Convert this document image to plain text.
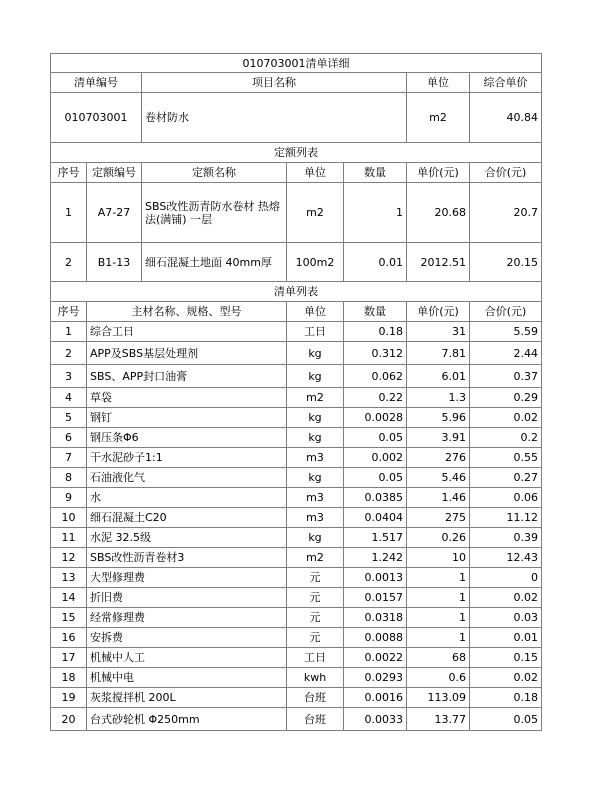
010703001清单详细						
清单编号		项目名称			单位	综合单价
010703001		卷材防水			m2	40.84
定额列表						
序号	定额编号	定额名称	单位	数量	单价(元)	合价(元)
1	A7-27	SBS改性沥青防水卷材 热熔法(满铺) 一层	m2	1	20.68	20.7
2	B1-13	细石混凝土地面 40mm厚	100m2	0.01	2012.51	20.15
清单列表						
序号	主材名称、规格、型号		单位	数量	单价(元)	合价(元)
1	综合工日		工日	0.18	31	5.59
2	APP及SBS基层处理剂		kg	0.312	7.81	2.44
3	SBS、APP封口油膏		kg	0.062	6.01	0.37
4	草袋		m2	0.22	1.3	0.29
5	钢钉		kg	0.0028	5.96	0.02
6	钢压条Φ6		kg	0.05	3.91	0.2
7	干水泥砂子1:1		m3	0.002	276	0.55
8	石油液化气		kg	0.05	5.46	0.27
9	水		m3	0.0385	1.46	0.06
10	细石混凝土C20		m3	0.0404	275	11.12
11	水泥 32.5级		kg	1.517	0.26	0.39
12	SBS改性沥青卷材3		m2	1.242	10	12.43
13	大型修理费		元	0.0013	1	0
14	折旧费		元	0.0157	1	0.02
15	经常修理费		元	0.0318	1	0.03
16	安拆费		元	0.0088	1	0.01
17	机械中人工		工日	0.0022	68	0.15
18	机械中电		kwh	0.0293	0.6	0.02
19	灰浆搅拌机 200L		台班	0.0016	113.09	0.18
20	台式砂轮机 Φ250mm		台班	0.0033	13.77	0.05
